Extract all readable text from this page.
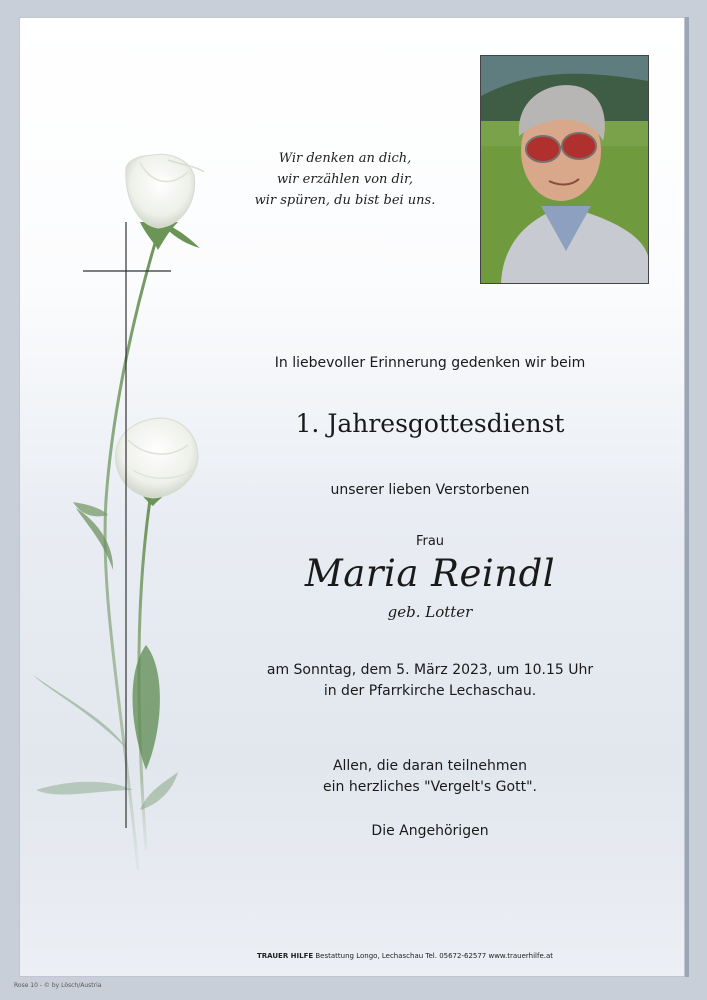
Wir denken an dich,
wir erzählen von dir,
wir spüren, du bist bei uns.
In liebevoller Erinnerung gedenken wir beim
1. Jahresgottesdienst
unserer lieben Verstorbenen
Frau
Maria Reindl
geb. Lotter
am Sonntag, dem 5. März 2023, um 10.15 Uhr
in der Pfarrkirche Lechaschau.
Allen, die daran teilnehmen
ein herzliches "Vergelt's Gott".
Die Angehörigen
TRAUER HILFE Bestattung Longo, Lechaschau Tel. 05672-62577 www.trauerhilfe.at
Rose 10 - © by Lösch/Austria
